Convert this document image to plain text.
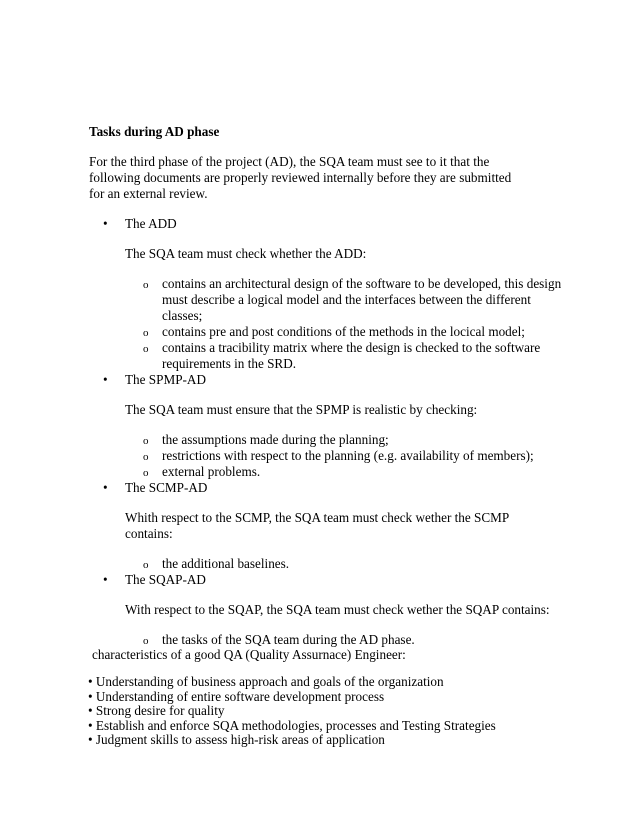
Tasks during AD phase

For the third phase of the project (AD), the SQA team must see to it that the following documents are properly reviewed internally before they are submitted for an external review.

• The ADD

The SQA team must check whether the ADD:

o contains an architectural design of the software to be developed, this design must describe a logical model and the interfaces between the different classes;
o contains pre and post conditions of the methods in the locical model;
o contains a tracibility matrix where the design is checked to the software requirements in the SRD.
• The SPMP-AD

The SQA team must ensure that the SPMP is realistic by checking:

o the assumptions made during the planning;
o restrictions with respect to the planning (e.g. availability of members);
o external problems.
• The SCMP-AD

Whith respect to the SCMP, the SQA team must check wether the SCMP contains:

o the additional baselines.
• The SQAP-AD

With respect to the SQAP, the SQA team must check wether the SQAP contains:

o the tasks of the SQA team during the AD phase.

characteristics of a good QA (Quality Assurnace) Engineer:

• Understanding of business approach and goals of the organization
• Understanding of entire software development process
• Strong desire for quality
• Establish and enforce SQA methodologies, processes and Testing Strategies
• Judgment skills to assess high-risk areas of application
